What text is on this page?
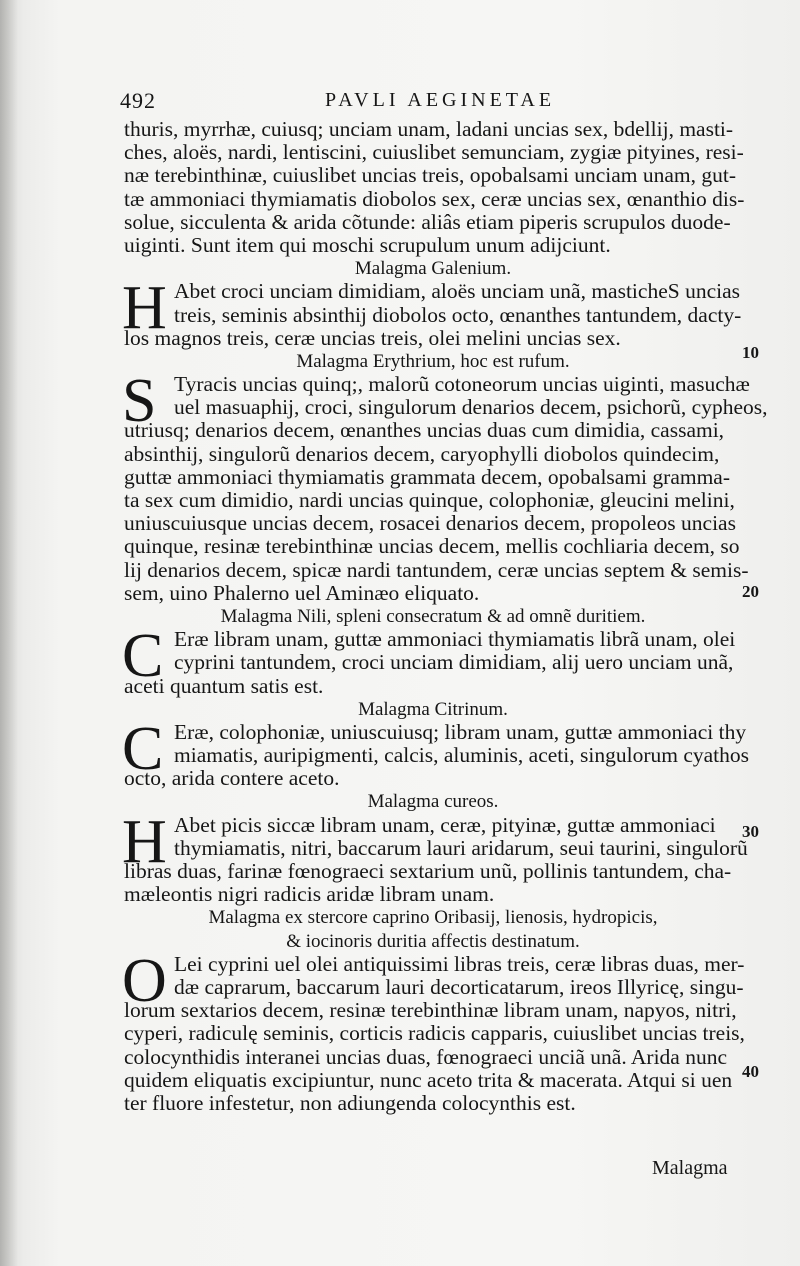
492	PAVLI AEGINETAE
thuris, myrrhæ, cuiusq; unciam unam, ladani uncias sex, bdellij, masti-
ches, aloës, nardi, lentiscini, cuiuslibet semunciam, zygiæ pityines, resi-
næ terebinthinæ, cuiuslibet uncias treis, opobalsami unciam unam, gut-
tæ ammoniaci thymiamatis diobolos sex, ceræ uncias sex, œnanthio dis-
solue, sicculenta & arida cõtunde: aliâs etiam piperis scrupulos duode-
uiginti. Sunt item qui moschi scrupulum unum adijciunt.
Malagma Galenium.
H Abet croci unciam dimidiam, aloës unciam unã, masticheS uncias
treis, seminis absinthij diobolos octo, œnanthes tantundem, dacty-
los magnos treis, ceræ uncias treis, olei melini uncias sex.
Malagma Erythrium, hoc est rufum.
S Tyracis uncias quinq;, malorũ cotoneorum uncias uiginti, masuchæ
uel masuaphij, croci, singulorum denarios decem, psichorũ, cypheos,
utriusq; denarios decem, œnanthes uncias duas cum dimidia, cassami,
absinthij, singulorũ denarios decem, caryophylli diobolos quindecim,
guttæ ammoniaci thymiamatis grammata decem, opobalsami gramma-
ta sex cum dimidio, nardi uncias quinque, colophoniæ, gleucini melini,
uniuscuiusque uncias decem, rosacei denarios decem, propoleos uncias
quinque, resinæ terebinthinæ uncias decem, mellis cochliaria decem, so
lij denarios decem, spicæ nardi tantundem, ceræ uncias septem & semis-
sem, uino Phalerno uel Aminæo eliquato.
Malagma Nili, spleni consecratum & ad omnẽ duritiem.
C Eræ libram unam, guttæ ammoniaci thymiamatis librã unam, olei
cyprini tantundem, croci unciam dimidiam, alij uero unciam unã,
aceti quantum satis est.
Malagma Citrinum.
C Eræ, colophoniæ, uniuscuiusq; libram unam, guttæ ammoniaci thy
miamatis, auripigmenti, calcis, aluminis, aceti, singulorum cyathos
octo, arida contere aceto.
Malagma cureos.
H Abet picis siccæ libram unam, ceræ, pityinæ, guttæ ammoniaci
thymiamatis, nitri, baccarum lauri aridarum, seui taurini, singulorũ
libras duas, farinæ fœnograeci sextarium unũ, pollinis tantundem, cha-
mæleontis nigri radicis aridæ libram unam.
Malagma ex stercore caprino Oribasij, lienosis, hydropicis,
& iocinoris duritia affectis destinatum.
O Lei cyprini uel olei antiquissimi libras treis, ceræ libras duas, mer-
dæ caprarum, baccarum lauri decorticatarum, ireos Illyricę, singu-
lorum sextarios decem, resinæ terebinthinæ libram unam, napyos, nitri,
cyperi, radiculę seminis, corticis radicis capparis, cuiuslibet uncias treis,
colocynthidis interanei uncias duas, fœnograeci unciã unã. Arida nunc
quidem eliquatis excipiuntur, nunc aceto trita & macerata. Atqui si uen
ter fluore infestetur, non adiungenda colocynthis est.
10
20
30
40
Malagma
